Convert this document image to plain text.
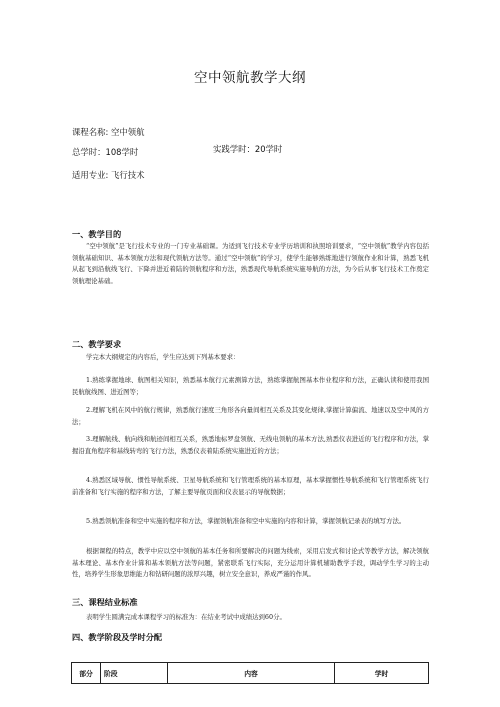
空中领航教学大纲
课程名称: 空中领航
总学时：108学时	实践学时：20学时
适用专业: 飞行技术
一、教学目的
“空中领航”是飞行技术专业的一门专业基础课。为适到飞行技术专业学历培训和执照培训要求，“空中领航”教学内容包括领航基础知识、基本领航方法和现代领航方法等。通过“空中领航”的学习，使学生能够熟练地进行领航作业和计算，熟悉飞机从起飞到沿航线飞行、下降并进近着陆的领航程序和方法，熟悉现代导航系统实施导航的方法，为今后从事飞行技术工作奠定领航理论基础。
二、教学要求
学完本大纲规定的内容后，学生应达到下列基本要求：
1.熟练掌握地球、航图相关知识，熟悉基本航行元素测算方法，熟练掌握航图基本作业程序和方法，正确认读和使用我国民航航线图、进近图等；
2.理解飞机在风中的航行规律，熟悉航行速度三角形各向量间相互关系及其变化规律,掌握计算偏流、地速以及空中风的方法；
3.理解航线、航向线和航迹间相互关系，熟悉地标罗盘领航、无线电领航的基本方法,熟悉仪表进近的飞行程序和方法，掌握沿直角程序和基线转弯的飞行方法，熟悉仪表着陆系统实施进近的方法；
4.熟悉区域导航、惯性导航系统、卫星导航系统和飞行管理系统的基本原理，基本掌握惯性导航系统和飞行管理系统飞行前准备和飞行实施的程序和方法，了解主要导航页面和仪表显示的导航数据；
5.熟悉领航准备和空中实施的程序和方法，掌握领航准备和空中实施的内容和计算，掌握领航记录表的填写方法。
根据课程的特点，教学中应以空中领航的基本任务和所要解决的问题为线索，采用启发式和讨论式等教学方法，解决领航基本理论、基本作业计算和基本领航方法等问题，紧密联系飞行实际，充分运用计算机辅助教学手段，调动学生学习的主动性，培养学生形象思维能力和钻研问题的浓厚兴趣，树立安全意识，养成严谨的作风。
三、课程结业标准
表明学生圆满完成本课程学习的标准为：在结业考试中成绩达到60分。
四、教学阶段及学时分配
部分	阶段	内容	学时
